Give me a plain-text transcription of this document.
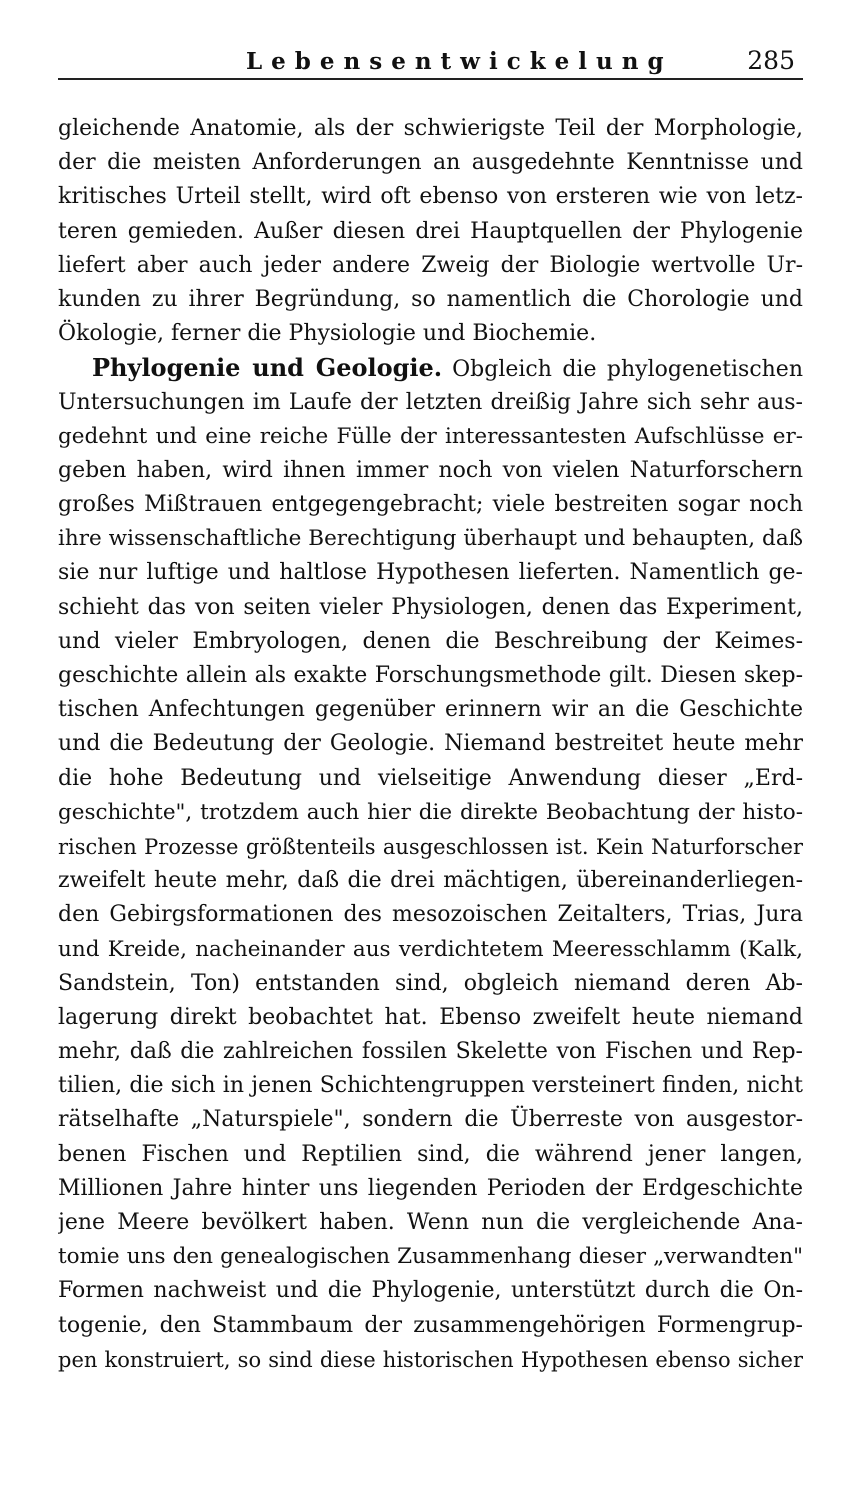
Lebensentwickelung	285
gleichende Anatomie, als der schwierigste Teil der Morphologie,
der die meisten Anforderungen an ausgedehnte Kenntnisse und
kritisches Urteil stellt, wird oft ebenso von ersteren wie von letz-
teren gemieden. Außer diesen drei Hauptquellen der Phylogenie
liefert aber auch jeder andere Zweig der Biologie wertvolle Ur-
kunden zu ihrer Begründung, so namentlich die Chorologie und
Ökologie, ferner die Physiologie und Biochemie.
Phylogenie und Geologie. Obgleich die phylogenetischen
Untersuchungen im Laufe der letzten dreißig Jahre sich sehr aus-
gedehnt und eine reiche Fülle der interessantesten Aufschlüsse er-
geben haben, wird ihnen immer noch von vielen Naturforschern
großes Mißtrauen entgegengebracht; viele bestreiten sogar noch
ihre wissenschaftliche Berechtigung überhaupt und behaupten, daß
sie nur luftige und haltlose Hypothesen lieferten. Namentlich ge-
schieht das von seiten vieler Physiologen, denen das Experiment,
und vieler Embryologen, denen die Beschreibung der Keimes-
geschichte allein als exakte Forschungsmethode gilt. Diesen skep-
tischen Anfechtungen gegenüber erinnern wir an die Geschichte
und die Bedeutung der Geologie. Niemand bestreitet heute mehr
die hohe Bedeutung und vielseitige Anwendung dieser „Erd-
geschichte", trotzdem auch hier die direkte Beobachtung der histo-
rischen Prozesse größtenteils ausgeschlossen ist. Kein Naturforscher
zweifelt heute mehr, daß die drei mächtigen, übereinanderliegen-
den Gebirgsformationen des mesozoischen Zeitalters, Trias, Jura
und Kreide, nacheinander aus verdichtetem Meeresschlamm (Kalk,
Sandstein, Ton) entstanden sind, obgleich niemand deren Ab-
lagerung direkt beobachtet hat. Ebenso zweifelt heute niemand
mehr, daß die zahlreichen fossilen Skelette von Fischen und Rep-
tilien, die sich in jenen Schichtengruppen versteinert finden, nicht
rätselhafte „Naturspiele", sondern die Überreste von ausgestor-
benen Fischen und Reptilien sind, die während jener langen,
Millionen Jahre hinter uns liegenden Perioden der Erdgeschichte
jene Meere bevölkert haben. Wenn nun die vergleichende Ana-
tomie uns den genealogischen Zusammenhang dieser „verwandten"
Formen nachweist und die Phylogenie, unterstützt durch die On-
togenie, den Stammbaum der zusammengehörigen Formengrup-
pen konstruiert, so sind diese historischen Hypothesen ebenso sicher
